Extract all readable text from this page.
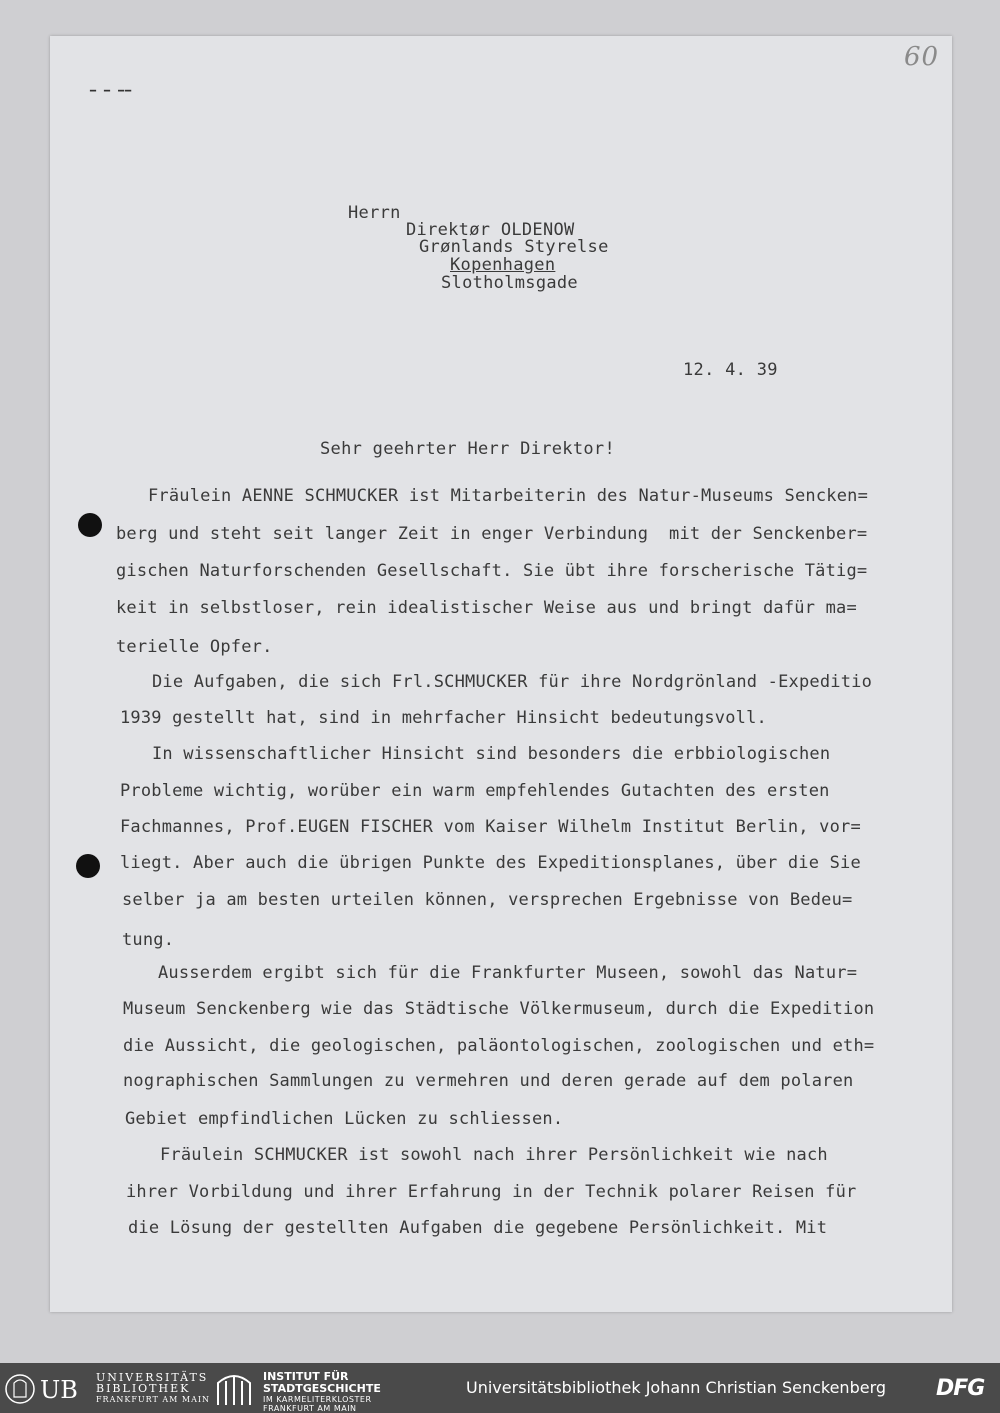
60
━ ━ ━━
Herrn
Direktør OLDENOW
Grønlands Styrelse
Kopenhagen
Slotholmsgade
12. 4. 39
Sehr geehrter Herr Direktor!
Fräulein AENNE SCHMUCKER ist Mitarbeiterin des Natur-Museums Sencken=
berg und steht seit langer Zeit in enger Verbindung  mit der Senckenber=
gischen Naturforschenden Gesellschaft. Sie übt ihre forscherische Tätig=
keit in selbstloser, rein idealistischer Weise aus und bringt dafür ma=
terielle Opfer.
Die Aufgaben, die sich Frl.SCHMUCKER für ihre Nordgrönland -Expeditio
1939 gestellt hat, sind in mehrfacher Hinsicht bedeutungsvoll.
In wissenschaftlicher Hinsicht sind besonders die erbbiologischen
Probleme wichtig, worüber ein warm empfehlendes Gutachten des ersten
Fachmannes, Prof.EUGEN FISCHER vom Kaiser Wilhelm Institut Berlin, vor=
liegt. Aber auch die übrigen Punkte des Expeditionsplanes, über die Sie
selber ja am besten urteilen können, versprechen Ergebnisse von Bedeu=
tung.
Ausserdem ergibt sich für die Frankfurter Museen, sowohl das Natur=
Museum Senckenberg wie das Städtische Völkermuseum, durch die Expedition
die Aussicht, die geologischen, paläontologischen, zoologischen und eth=
nographischen Sammlungen zu vermehren und deren gerade auf dem polaren
Gebiet empfindlichen Lücken zu schliessen.
Fräulein SCHMUCKER ist sowohl nach ihrer Persönlichkeit wie nach
ihrer Vorbildung und ihrer Erfahrung in der Technik polarer Reisen für
die Lösung der gestellten Aufgaben die gegebene Persönlichkeit. Mit
UB UNIVERSITÄTS
BIBLIOTHEK
FRANKFURT AM MAIN
INSTITUT FÜR
STADTGESCHICHTE
IM KARMELITERKLOSTER
FRANKFURT AM MAIN
Universitätsbibliothek Johann Christian Senckenberg DFG
